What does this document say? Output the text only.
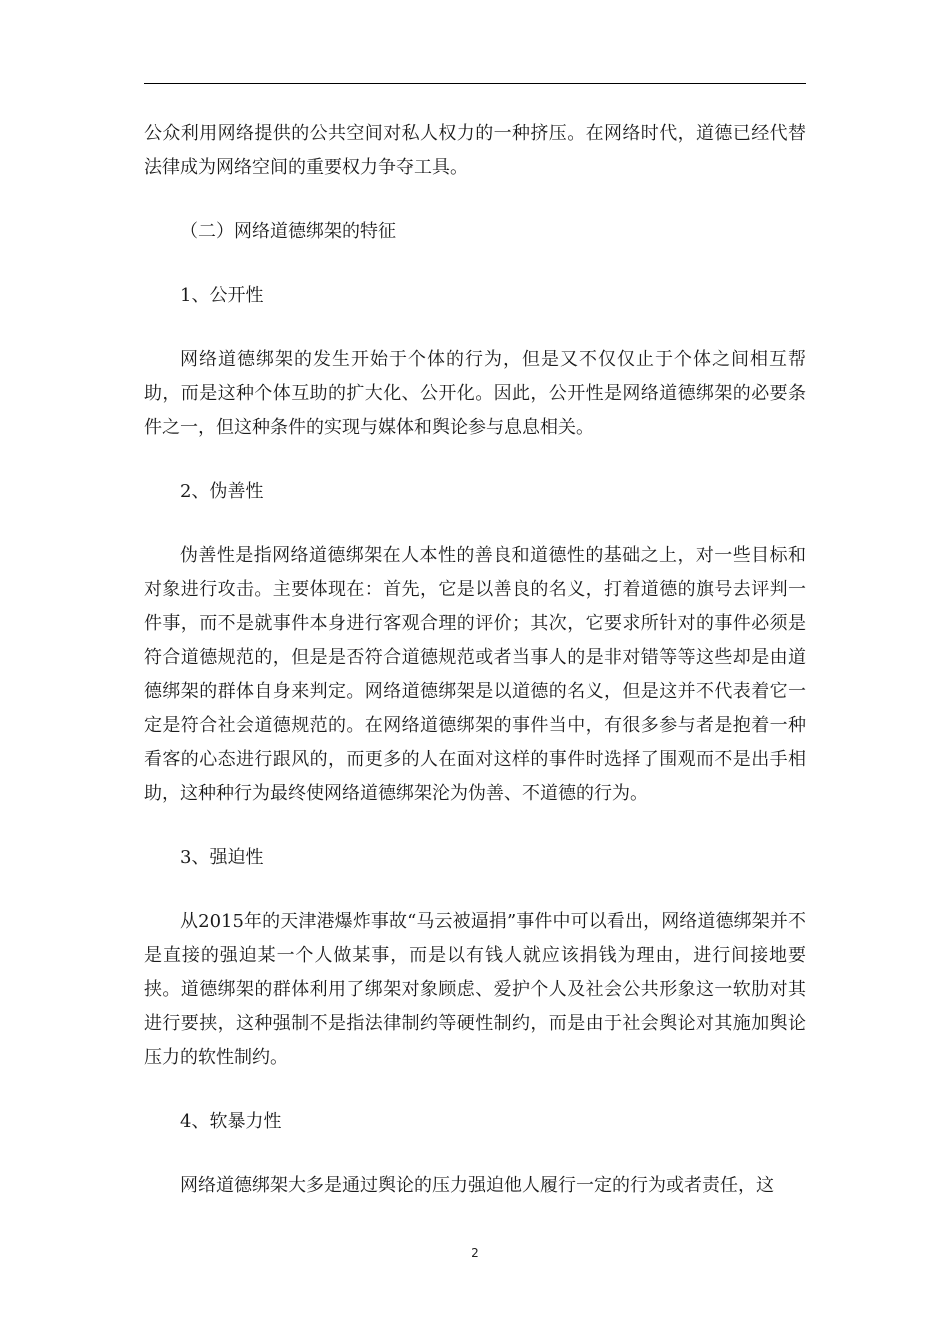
公众利用网络提供的公共空间对私人权力的一种挤压。在网络时代，道德已经代替法律成为网络空间的重要权力争夺工具。

（二）网络道德绑架的特征

1、公开性

网络道德绑架的发生开始于个体的行为，但是又不仅仅止于个体之间相互帮助，而是这种个体互助的扩大化、公开化。因此，公开性是网络道德绑架的必要条件之一，但这种条件的实现与媒体和舆论参与息息相关。

2、伪善性

伪善性是指网络道德绑架在人本性的善良和道德性的基础之上，对一些目标和对象进行攻击。主要体现在：首先，它是以善良的名义，打着道德的旗号去评判一件事，而不是就事件本身进行客观合理的评价；其次，它要求所针对的事件必须是符合道德规范的，但是是否符合道德规范或者当事人的是非对错等等这些却是由道德绑架的群体自身来判定。网络道德绑架是以道德的名义，但是这并不代表着它一定是符合社会道德规范的。在网络道德绑架的事件当中，有很多参与者是抱着一种看客的心态进行跟风的，而更多的人在面对这样的事件时选择了围观而不是出手相助，这种种行为最终使网络道德绑架沦为伪善、不道德的行为。

3、强迫性

从2015年的天津港爆炸事故“马云被逼捐”事件中可以看出，网络道德绑架并不是直接的强迫某一个人做某事，而是以有钱人就应该捐钱为理由，进行间接地要挟。道德绑架的群体利用了绑架对象顾虑、爱护个人及社会公共形象这一软肋对其进行要挟，这种强制不是指法律制约等硬性制约，而是由于社会舆论对其施加舆论压力的软性制约。

4、软暴力性

网络道德绑架大多是通过舆论的压力强迫他人履行一定的行为或者责任，这

2
